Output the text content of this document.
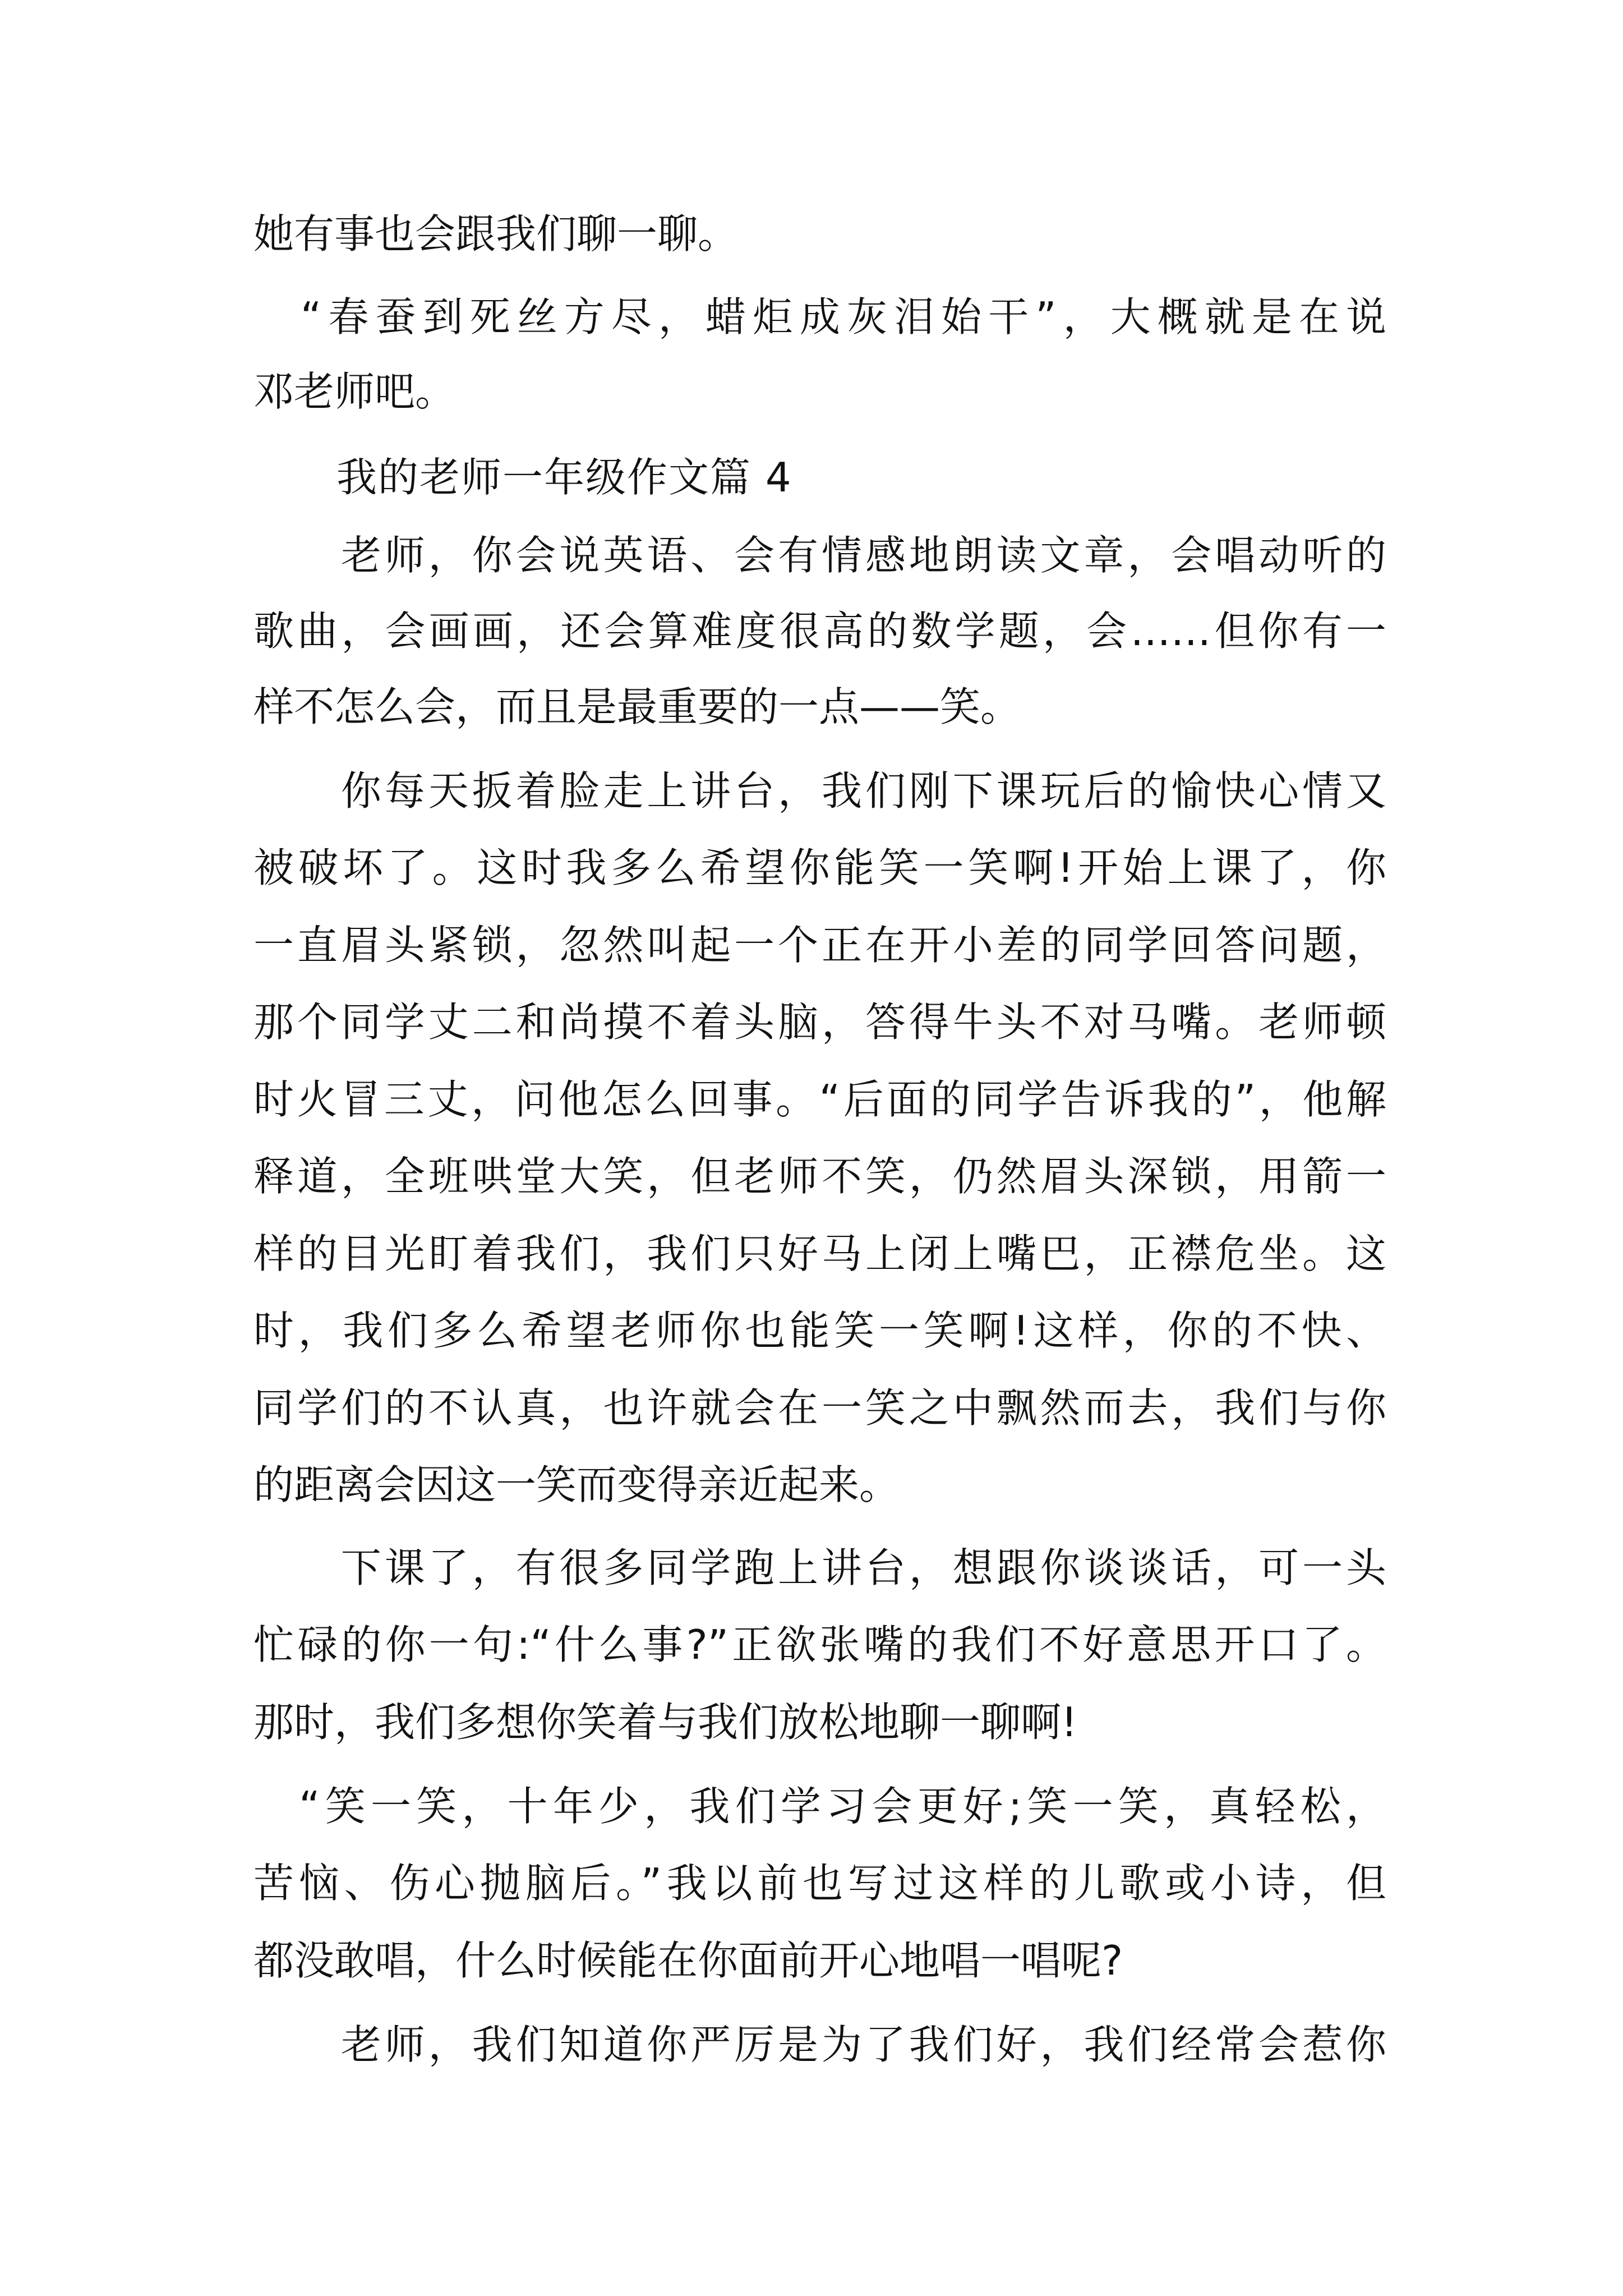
她有事也会跟我们聊一聊。
　“春蚕到死丝方尽，蜡炬成灰泪始干”，大概就是在说
邓老师吧。
　　我的老师一年级作文篇 4
　　老师，你会说英语、会有情感地朗读文章，会唱动听的
歌曲，会画画，还会算难度很高的数学题，会……但你有一
样不怎么会，而且是最重要的一点——笑。
　　你每天扳着脸走上讲台，我们刚下课玩后的愉快心情又
被破坏了。这时我多么希望你能笑一笑啊!开始上课了，你
一直眉头紧锁，忽然叫起一个正在开小差的同学回答问题，
那个同学丈二和尚摸不着头脑，答得牛头不对马嘴。老师顿
时火冒三丈，问他怎么回事。“后面的同学告诉我的”，他解
释道，全班哄堂大笑，但老师不笑，仍然眉头深锁，用箭一
样的目光盯着我们，我们只好马上闭上嘴巴，正襟危坐。这
时，我们多么希望老师你也能笑一笑啊!这样，你的不快、
同学们的不认真，也许就会在一笑之中飘然而去，我们与你
的距离会因这一笑而变得亲近起来。
　　下课了，有很多同学跑上讲台，想跟你谈谈话，可一头
忙碌的你一句:“什么事?”正欲张嘴的我们不好意思开口了。
那时，我们多想你笑着与我们放松地聊一聊啊!
　“笑一笑，十年少，我们学习会更好;笑一笑，真轻松，
苦恼、伤心抛脑后。”我以前也写过这样的儿歌或小诗，但
都没敢唱，什么时候能在你面前开心地唱一唱呢?
　　老师，我们知道你严厉是为了我们好，我们经常会惹你
